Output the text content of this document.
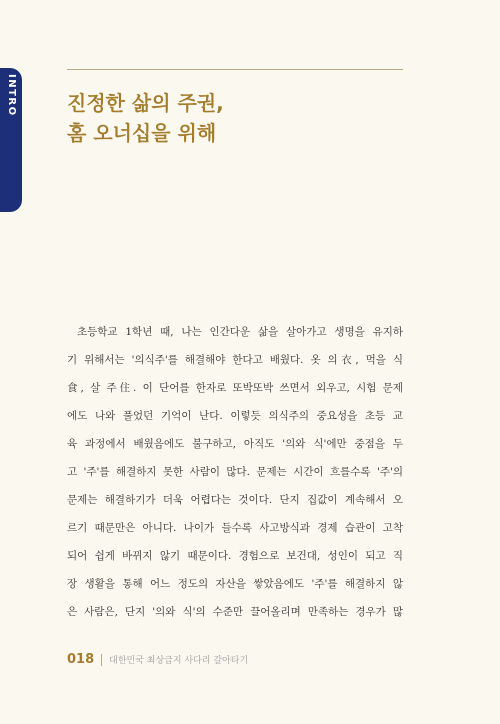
INTRO	진정한 삶의 주권,
홈 오너십을 위해
초등학교 1학년 때, 나는 인간다운 삶을 살아가고 생명을 유지하
기 위해서는 '의식주'를 해결해야 한다고 배웠다. 옷 의衣, 먹을 식
食, 살 주住. 이 단어를 한자로 또박또박 쓰면서 외우고, 시험 문제
에도 나와 풀었던 기억이 난다. 이렇듯 의식주의 중요성을 초등 교
육 과정에서 배웠음에도 불구하고, 아직도 '의와 식'에만 중점을 두
고 '주'를 해결하지 못한 사람이 많다. 문제는 시간이 흐를수록 '주'의
문제는 해결하기가 더욱 어렵다는 것이다. 단지 집값이 계속해서 오
르기 때문만은 아니다. 나이가 들수록 사고방식과 경제 습관이 고착
되어 쉽게 바뀌지 않기 때문이다. 경험으로 보건대, 성인이 되고 직
장 생활을 통해 어느 정도의 자산을 쌓았음에도 '주'를 해결하지 않
은 사람은, 단지 '의와 식'의 수준만 끌어올리며 만족하는 경우가 많
018 대한민국 최상급지 사다리 갈아타기
